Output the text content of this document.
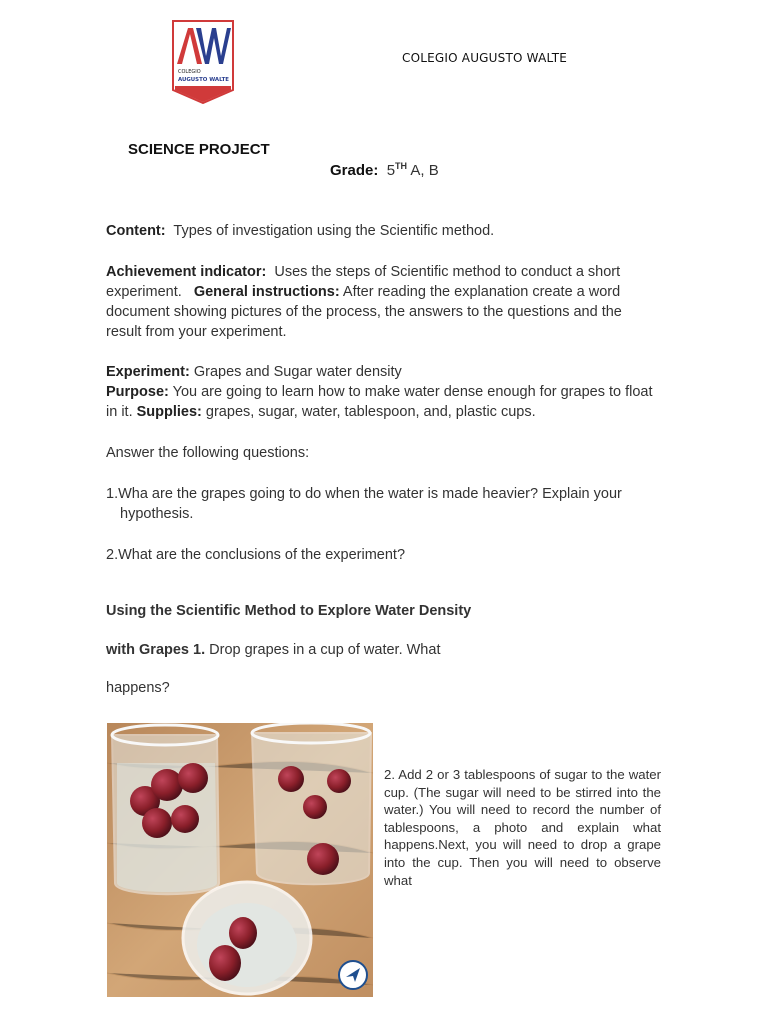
COLEGIO
AUGUSTO WALTE
COLEGIO AUGUSTO WALTE
SCIENCE PROJECT
Grade: 5TH A, B

Content:  Types of investigation using the Scientific method.

Achievement indicator:  Uses the steps of Scientific method to conduct a short experiment.   General instructions: After reading the explanation create a word document showing pictures of the process, the answers to the questions and the result from your experiment.

Experiment: Grapes and Sugar water density

Purpose: You are going to learn how to make water dense enough for grapes to float in it. Supplies: grapes, sugar, water, tablespoon, and, plastic cups.

Answer the following questions:

1.Wha are the grapes going to do when the water is made heavier? Explain your

hypothesis.

2.What are the conclusions of the experiment?

Using the Scientific Method to Explore Water Density

with Grapes 1. Drop grapes in a cup of water. What

happens?

2. Add 2 or 3 tablespoons of sugar to the water cup. (The sugar will need to be stirred into the water.) You will need to record the number of tablespoons, a photo and explain what happens.Next, you will need to drop a grape into the cup. Then you will need to observe what
